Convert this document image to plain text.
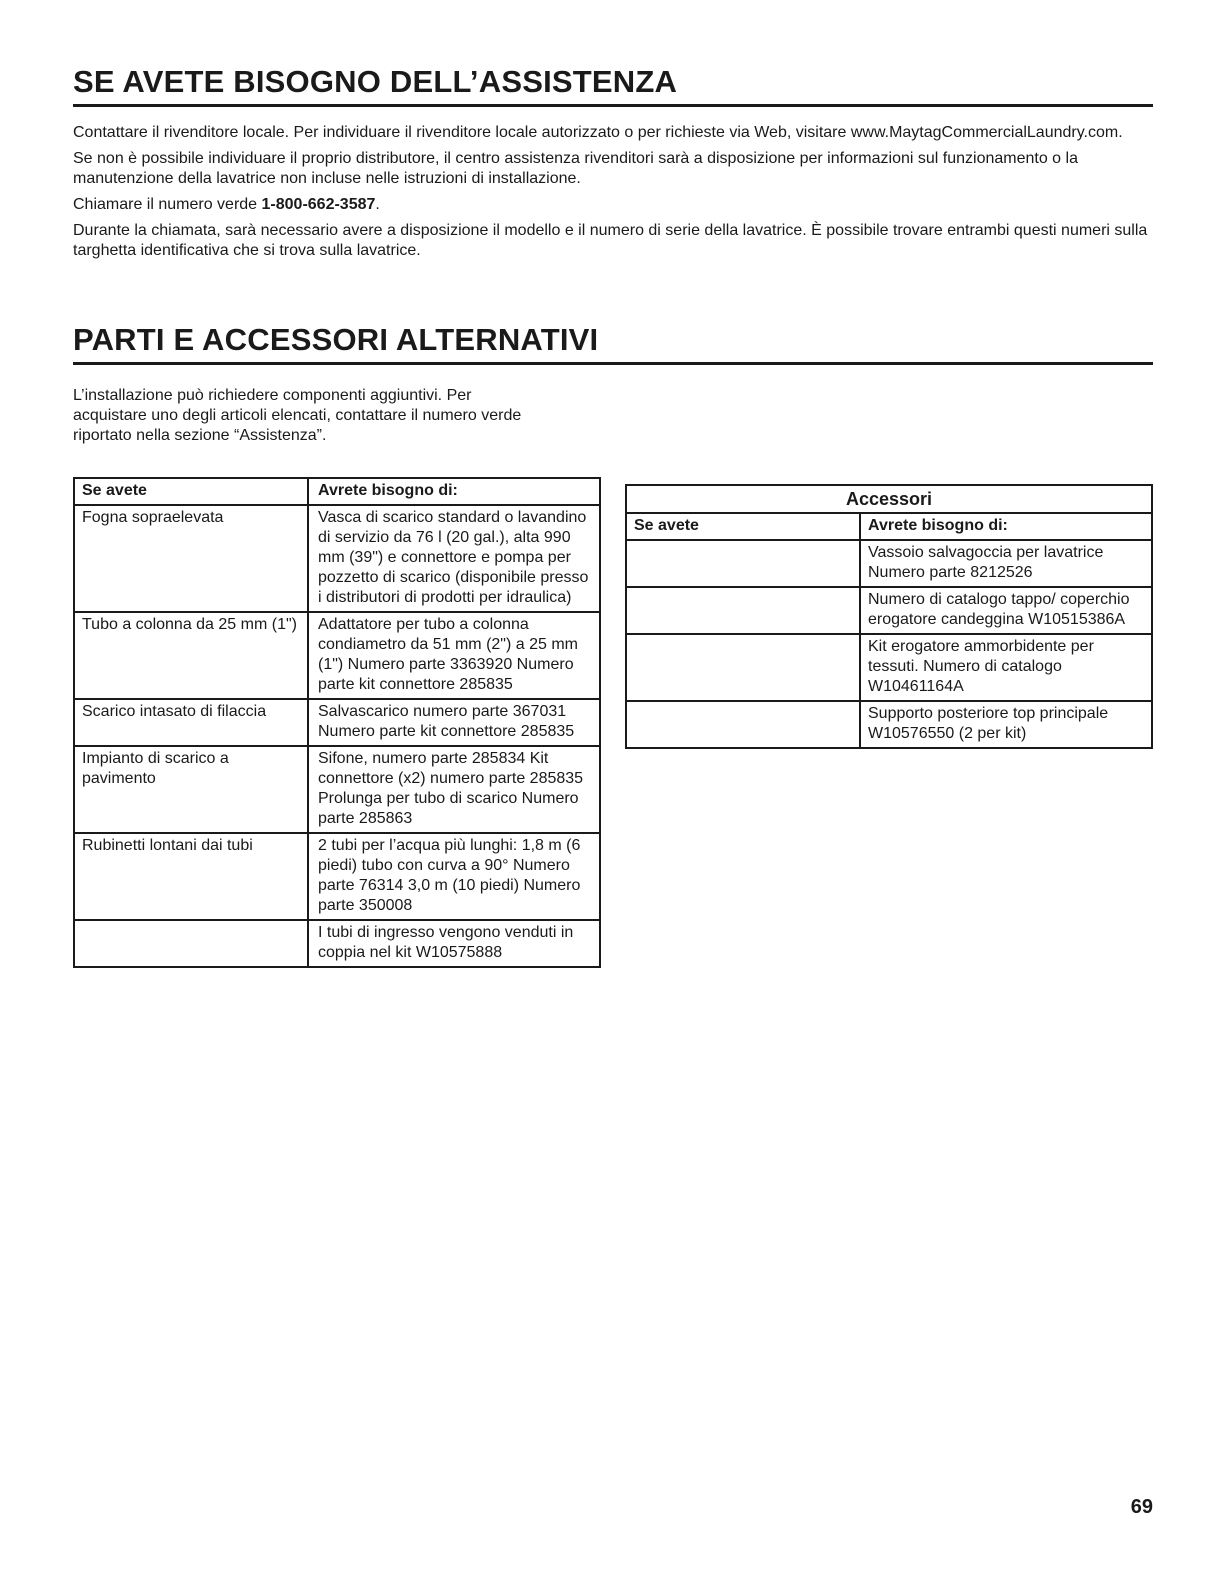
SE AVETE BISOGNO DELL’ASSISTENZA

Contattare il rivenditore locale. Per individuare il rivenditore locale autorizzato o per richieste via Web, visitare www.MaytagCommercialLaundry.com.

Se non è possibile individuare il proprio distributore, il centro assistenza rivenditori sarà a disposizione per informazioni sul funzionamento o la manutenzione della lavatrice non incluse nelle istruzioni di installazione.

Chiamare il numero verde 1-800-662-3587.

Durante la chiamata, sarà necessario avere a disposizione il modello e il numero di serie della lavatrice. È possibile trovare entrambi questi numeri sulla targhetta identificativa che si trova sulla lavatrice.

PARTI E ACCESSORI ALTERNATIVI
L’installazione può richiedere componenti aggiuntivi. Per acquistare uno degli articoli elencati, contattare il numero verde riportato nella sezione “Assistenza”.
Se avete	Avrete bisogno di:
Fogna sopraelevata	Vasca di scarico standard o lavandino di servizio da 76 l (20 gal.), alta 990 mm (39") e connettore e pompa per pozzetto di scarico (disponibile presso i distributori di prodotti per idraulica)
Tubo a colonna da 25 mm (1")	Adattatore per tubo a colonna condiametro da 51 mm (2") a 25 mm (1") Numero parte 3363920 Numero parte kit connettore 285835
Scarico intasato di filaccia	Salvascarico numero parte 367031 Numero parte kit connettore 285835
Impianto di scarico a pavimento	Sifone, numero parte 285834 Kit connettore (x2) numero parte 285835 Prolunga per tubo di scarico Numero parte 285863
Rubinetti lontani dai tubi	2 tubi per l’acqua più lunghi: 1,8 m (6 piedi) tubo con curva a 90° Numero parte 76314 3,0 m (10 piedi) Numero parte 350008
	I tubi di ingresso vengono venduti in coppia nel kit W10575888
Accessori	
Se avete	Avrete bisogno di:
	Vassoio salvagoccia per lavatrice Numero parte 8212526
	Numero di catalogo tappo/ coperchio erogatore candeggina W10515386A
	Kit erogatore ammorbidente per tessuti. Numero di catalogo W10461164A
	Supporto posteriore top principale W10576550 (2 per kit)
69
